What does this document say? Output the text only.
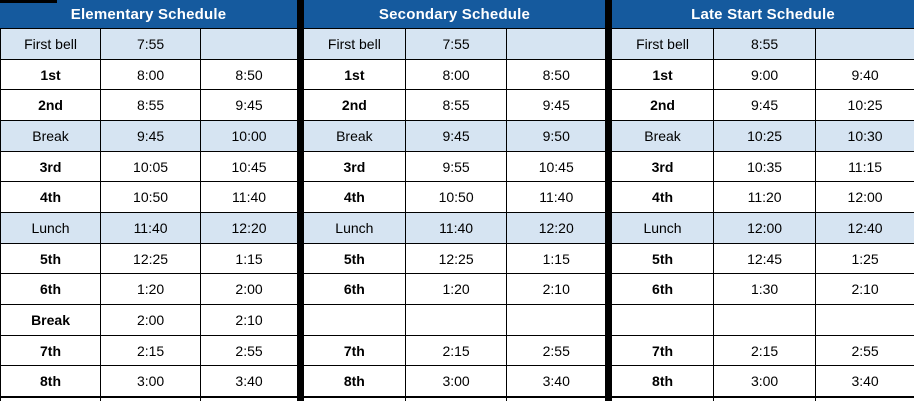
Elementary Schedule
First bell	7:55
1st	8:00	8:50
2nd	8:55	9:45
Break	9:45	10:00
3rd	10:05	10:45
4th	10:50	11:40
Lunch	11:40	12:20
5th	12:25	1:15
6th	1:20	2:00
Break	2:00	2:10
7th	2:15	2:55
8th	3:00	3:40
Secondary Schedule
First bell	7:55
1st	8:00	8:50
2nd	8:55	9:45
Break	9:45	9:50
3rd	9:55	10:45
4th	10:50	11:40
Lunch	11:40	12:20
5th	12:25	1:15
6th	1:20	2:10
7th	2:15	2:55
8th	3:00	3:40
Late Start Schedule
First bell	8:55
1st	9:00	9:40
2nd	9:45	10:25
Break	10:25	10:30
3rd	10:35	11:15
4th	11:20	12:00
Lunch	12:00	12:40
5th	12:45	1:25
6th	1:30	2:10
7th	2:15	2:55
8th	3:00	3:40
